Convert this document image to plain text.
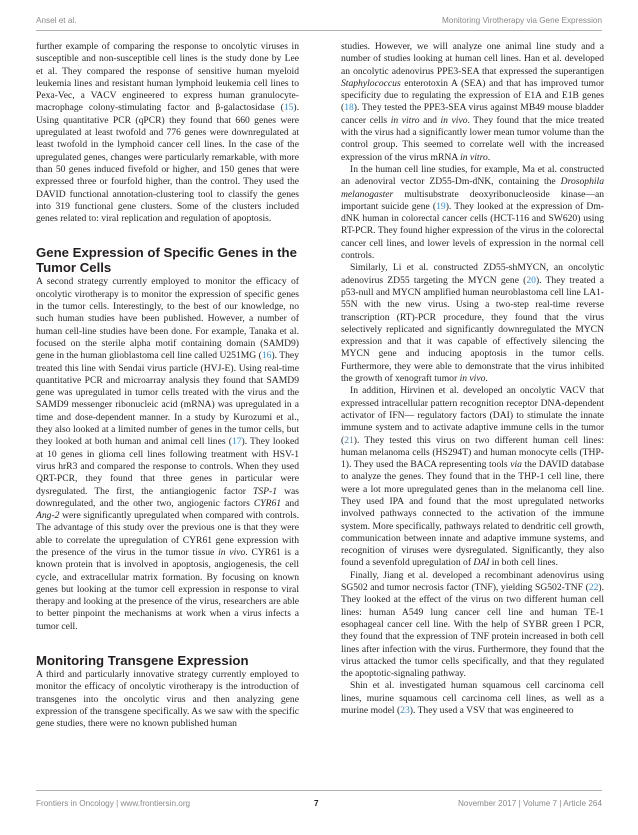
Ansel et al.	Monitoring Virotherapy via Gene Expression

further example of comparing the response to oncolytic viruses in susceptible and non-susceptible cell lines is the study done by Lee et al. They compared the response of sensitive human myeloid leukemia lines and resistant human lymphoid leukemia cell lines to Pexa-Vec, a VACV engineered to express human granulocyte-macrophage colony-stimulating factor and β-galactosidase (15). Using quantitative PCR (qPCR) they found that 660 genes were upregulated at least twofold and 776 genes were downregulated at least twofold in the lymphoid cancer cell lines. In the case of the upregulated genes, changes were particularly remarkable, with more than 50 genes induced fivefold or higher, and 150 genes that were expressed three or fourfold higher, than the control. They used the DAVID functional annotation-clustering tool to classify the genes into 319 functional gene clusters. Some of the clusters included genes related to: viral replication and regulation of apoptosis.

Gene Expression of Specific Genes in the Tumor Cells

A second strategy currently employed to monitor the efficacy of oncolytic virotherapy is to monitor the expression of specific genes in the tumor cells. Interestingly, to the best of our knowledge, no such human studies have been published. However, a number of human cell-line studies have been done. For example, Tanaka et al. focused on the sterile alpha motif containing domain (SAMD9) gene in the human glioblastoma cell line called U251MG (16). They treated this line with Sendai virus particle (HVJ-E). Using real-time quantitative PCR and microarray analysis they found that SAMD9 gene was upregulated in tumor cells treated with the virus and the SAMD9 messenger ribonucleic acid (mRNA) was upregulated in a time and dose-dependent manner. In a study by Kurozumi et al., they also looked at a limited number of genes in the tumor cells, but they looked at both human and animal cell lines (17). They looked at 10 genes in glioma cell lines following treatment with HSV-1 virus hrR3 and compared the response to controls. When they used QRT-PCR, they found that three genes in particular were dysregulated. The first, the antiangiogenic factor TSP-1 was downregulated, and the other two, angiogenic factors CYR61 and Ang-2 were significantly upregulated when compared with controls. The advantage of this study over the previous one is that they were able to correlate the upregulation of CYR61 gene expression with the presence of the virus in the tumor tissue in vivo. CYR61 is a known protein that is involved in apoptosis, angiogenesis, the cell cycle, and extracellular matrix formation. By focusing on known genes but looking at the tumor cell expression in response to viral therapy and looking at the presence of the virus, researchers are able to better pinpoint the mechanisms at work when a virus infects a tumor cell.

Monitoring Transgene Expression

A third and particularly innovative strategy currently employed to monitor the efficacy of oncolytic virotherapy is the introduction of transgenes into the oncolytic virus and then analyzing gene expression of the transgene specifically. As we saw with the specific gene studies, there were no known published human

studies. However, we will analyze one animal line study and a number of studies looking at human cell lines. Han et al. developed an oncolytic adenovirus PPE3-SEA that expressed the superantigen Staphylococcus enterotoxin A (SEA) and that has improved tumor specificity due to regulating the expression of E1A and E1B genes (18). They tested the PPE3-SEA virus against MB49 mouse bladder cancer cells in vitro and in vivo. They found that the mice treated with the virus had a significantly lower mean tumor volume than the control group. This seemed to correlate well with the increased expression of the virus mRNA in vitro.

In the human cell line studies, for example, Ma et al. constructed an adenoviral vector ZD55-Dm-dNK, containing the Drosophila melanogaster multisubstrate deoxyribonucleoside kinase—an important suicide gene (19). They looked at the expression of Dm-dNK human in colorectal cancer cells (HCT-116 and SW620) using RT-PCR. They found higher expression of the virus in the colorectal cancer cell lines, and lower levels of expression in the normal cell controls.

Similarly, Li et al. constructed ZD55-shMYCN, an oncolytic adenovirus ZD55 targeting the MYCN gene (20). They treated a p53-null and MYCN amplified human neuroblastoma cell line LA1-55N with the new virus. Using a two-step real-time reverse transcription (RT)-PCR procedure, they found that the virus selectively replicated and significantly downregulated the MYCN expression and that it was capable of effectively silencing the MYCN gene and inducing apoptosis in the tumor cells. Furthermore, they were able to demonstrate that the virus inhibited the growth of xenograft tumor in vivo.

In addition, Hirvinen et al. developed an oncolytic VACV that expressed intracellular pattern recognition receptor DNA-dependent activator of IFN— regulatory factors (DAI) to stimulate the innate immune system and to activate adaptive immune cells in the tumor (21). They tested this virus on two different human cell lines: human melanoma cells (HS294T) and human monocyte cells (THP-1). They used the BACA representing tools via the DAVID database to analyze the genes. They found that in the THP-1 cell line, there were a lot more upregulated genes than in the melanoma cell line. They used IPA and found that the most upregulated networks involved pathways connected to the activation of the immune system. More specifically, pathways related to dendritic cell growth, communication between innate and adaptive immune systems, and recognition of viruses were dysregulated. Significantly, they also found a sevenfold upregulation of DAI in both cell lines.

Finally, Jiang et al. developed a recombinant adenovirus using SG502 and tumor necrosis factor (TNF), yielding SG502-TNF (22). They looked at the effect of the virus on two different human cell lines: human A549 lung cancer cell line and human TE-1 esophageal cancer cell line. With the help of SYBR green I PCR, they found that the expression of TNF protein increased in both cell lines after infection with the virus. Furthermore, they found that the virus attacked the tumor cells specifically, and that they regulated the apoptotic-signaling pathway.

Shin et al. investigated human squamous cell carcinoma cell lines, murine squamous cell carcinoma cell lines, as well as a murine model (23). They used a VSV that was engineered to

Frontiers in Oncology | www.frontiersin.org	7	November 2017 | Volume 7 | Article 264
